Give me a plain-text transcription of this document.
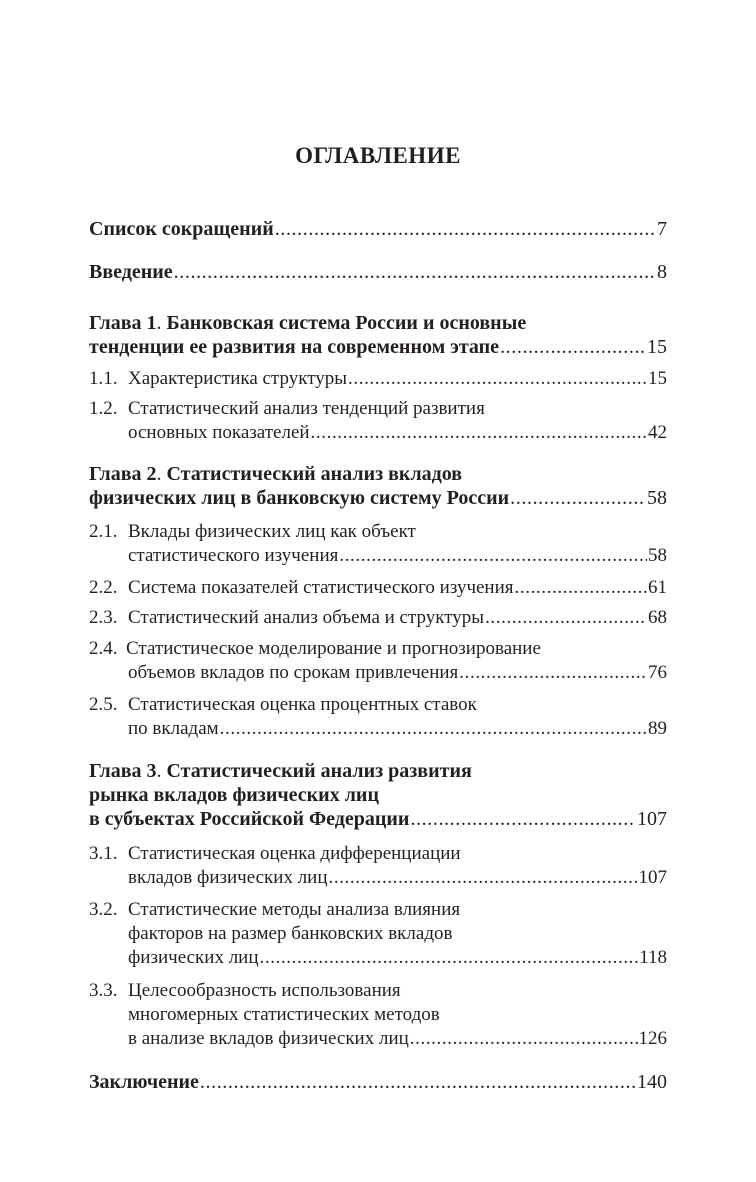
ОГЛАВЛЕНИЕ
Список сокращений .....	7
Введение .....	8
Глава 1. Банковская система России и основные
тенденции ее развития на современном этапе .....	15
1.1. Характеристика структуры .....	15
1.2. Статистический анализ тенденций развития
основных показателей .....	42
Глава 2. Статистический анализ вкладов
физических лиц в банковскую систему России .....	58
2.1. Вклады физических лиц как объект
статистического изучения .....	58
2.2. Система показателей статистического изучения .....	61
2.3. Статистический анализ объема и структуры .....	68
2.4. Статистическое моделирование и прогнозирование
объемов вкладов по срокам привлечения .....	76
2.5. Статистическая оценка процентных ставок
по вкладам .....	89
Глава 3. Статистический анализ развития
рынка вкладов физических лиц
в субъектах Российской Федерации .....	107
3.1. Статистическая оценка дифференциации
вкладов физических лиц .....	107
3.2. Статистические методы анализа влияния
факторов на размер банковских вкладов
физических лиц .....	118
3.3. Целесообразность использования
многомерных статистических методов
в анализе вкладов физических лиц .....	126
Заключение .....	140
